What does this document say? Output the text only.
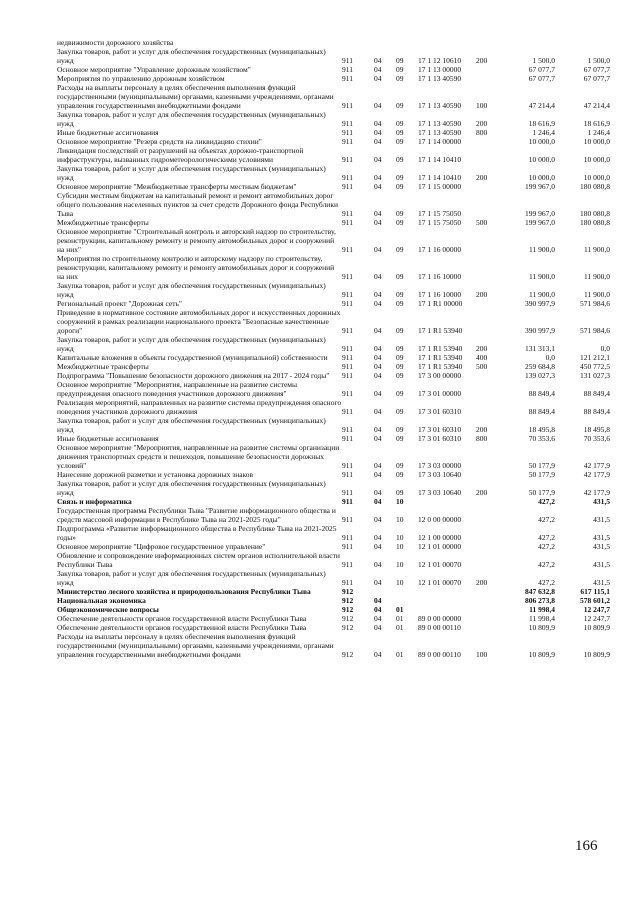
недвижимости дорожного хозяйства							
Закупка товаров, работ и услуг для обеспечения государственных (муниципальных) нужд	911	04	09	17 1 12 10610	200	1 500,0	1 500,0
Основное мероприятие "Управление дорожным хозяйством"	911	04	09	17 1 13 00000		67 077,7	67 077,7
Мероприятия по управлению дорожным хозяйством	911	04	09	17 1 13 40590		67 077,7	67 077,7
Расходы на выплаты персоналу в целях обеспечения выполнения функций государственными (муниципальными) органами, казенными учреждениями, органами управления государственными внебюджетными фондами	911	04	09	17 1 13 40590	100	47 214,4	47 214,4
Закупка товаров, работ и услуг для обеспечения государственных (муниципальных) нужд	911	04	09	17 1 13 40590	200	18 616,9	18 616,9
Иные бюджетные ассигнования	911	04	09	17 1 13 40590	800	1 246,4	1 246,4
Основное мероприятие "Резерв средств на ликвидацию стихии"	911	04	09	17 1 14 00000		10 000,0	10 000,0
Ликвидация последствий от разрушений на объектах дорожно-транспортной инфраструктуры, вызванных гидрометеорологическими условиями	911	04	09	17 1 14 10410		10 000,0	10 000,0
Закупка товаров, работ и услуг для обеспечения государственных (муниципальных) нужд	911	04	09	17 1 14 10410	200	10 000,0	10 000,0
Основное мероприятие "Межбюджетные трансферты местным бюджетам"	911	04	09	17 1 15 00000		199 967,0	180 080,8
Субсидии местным бюджетам на капитальный ремонт и ремонт автомобильных дорог общего пользования населенных пунктов за счет средств Дорожного фонда Республики Тыва	911	04	09	17 1 15 75050		199 967,0	180 080,8
Межбюджетные трансферты	911	04	09	17 1 15 75050	500	199 967,0	180 080,8
Основное мероприятие "Строительный контроль и авторский надзор по строительству, реконструкции, капитальному ремонту и ремонту автомобильных дорог и сооружений на них"	911	04	09	17 1 16 00000		11 900,0	11 900,0
Мероприятия по строительному контролю и авторскому надзору по строительству, реконструкции, капитальному ремонту и ремонту автомобильных дорог и сооружений на них	911	04	09	17 1 16 10000		11 900,0	11 900,0
Закупка товаров, работ и услуг для обеспечения государственных (муниципальных) нужд	911	04	09	17 1 16 10000	200	11 900,0	11 900,0
Региональный проект "Дорожная сеть"	911	04	09	17 1 R1 00000		390 997,9	571 984,6
Приведение в нормативное состояние автомобильных дорог и искусственных дорожных сооружений в рамках реализации национального проекта "Безопасные качественные дороги"	911	04	09	17 1 R1 53940		390 997,9	571 984,6
Закупка товаров, работ и услуг для обеспечения государственных (муниципальных) нужд	911	04	09	17 1 R1 53940	200	131 313,1	0,0
Капитальные вложения в объекты государственной (муниципальной) собственности	911	04	09	17 1 R1 53940	400	0,0	121 212,1
Межбюджетные трансферты	911	04	09	17 1 R1 53940	500	259 684,8	450 772,5
Подпрограмма "Повышение безопасности дорожного движения на 2017 - 2024 годы"	911	04	09	17 3 00 00000		139 027,3	131 027,3
Основное мероприятие "Мероприятия, направленные на развитие системы предупреждения опасного поведения участников дорожного движения"	911	04	09	17 3 01 00000		88 849,4	88 849,4
Реализация мероприятий, направленных на развитие системы предупреждения опасного поведения участников дорожного движения	911	04	09	17 3 01 60310		88 849,4	88 849,4
Закупка товаров, работ и услуг для обеспечения государственных (муниципальных) нужд	911	04	09	17 3 01 60310	200	18 495,8	18 495,8
Иные бюджетные ассигнования	911	04	09	17 3 01 60310	800	70 353,6	70 353,6
Основное мероприятие "Мероприятия, направленные на развитие системы организации движения транспортных средств и пешеходов, повышение безопасности дорожных условий"	911	04	09	17 3 03 00000		50 177,9	42 177,9
Нанесение дорожной разметки и установка дорожных знаков	911	04	09	17 3 03 10640		50 177,9	42 177,9
Закупка товаров, работ и услуг для обеспечения государственных (муниципальных) нужд	911	04	09	17 3 03 10640	200	50 177,9	42 177,9
Связь и информатика	911	04	10			427,2	431,5
Государственная программа Республики Тыва "Развитие информационного общества и средств массовой информации в Республике Тыва на 2021-2025 годы"	911	04	10	12 0 00 00000		427,2	431,5
Подпрограмма «Развитие информационного общества в Республике Тыва на 2021-2025 годы»	911	04	10	12 1 00 00000		427,2	431,5
Основное мероприятие "Цифровое государственное управление"	911	04	10	12 1 01 00000		427,2	431,5
Обновление и сопровождение информационных систем органов исполнительной власти Республики Тыва	911	04	10	12 1 01 00070		427,2	431,5
Закупка товаров, работ и услуг для обеспечения государственных (муниципальных) нужд	911	04	10	12 1 01 00070	200	427,2	431,5
Министерство лесного хозяйства и природопользования Республики Тыва	912					847 632,8	617 115,1
Национальная экономика	912	04				806 273,8	578 601,2
Общеэкономические вопросы	912	04	01			11 998,4	12 247,7
Обеспечение деятельности органов государственной власти Республики Тыва	912	04	01	89 0 00 00000		11 998,4	12 247,7
Обеспечение деятельности органов государственной власти Республики Тыва	912	04	01	89 0 00 00110		10 809,9	10 809,9
Расходы на выплаты персоналу в целях обеспечения выполнения функций государственными (муниципальными) органами, казенными учреждениями, органами управления государственными внебюджетными фондами	912	04	01	89 0 00 00110	100	10 809,9	10 809,9
166
